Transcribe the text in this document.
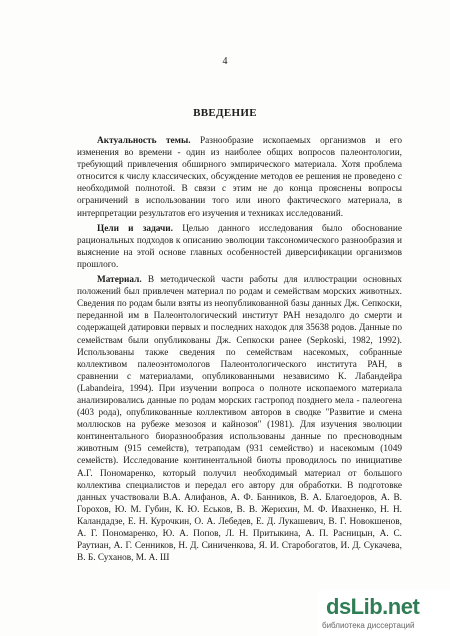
4
ВВЕДЕНИЕ

Актуальность темы. Разнообразие ископаемых организмов и его изменения во времени - один из наиболее общих вопросов палеонтологии, требующий привлечения обширного эмпирического материала. Хотя проблема относится к числу классических, обсуждение методов ее решения не проведено с необходимой полнотой. В связи с этим не до конца прояснены вопросы ограничений в использовании того или иного фактического материала, в интерпретации результатов его изучения и техниках исследований.

Цели и задачи. Целью данного исследования было обоснование рациональных подходов к описанию эволюции таксономического разнообразия и выяснение на этой основе главных особенностей диверсификации организмов прошлого.

Материал. В методической части работы для иллюстрации основных положений был привлечен материал по родам и семействам морских животных. Сведения по родам были взяты из неопубликованной базы данных Дж. Сепкоски, переданной им в Палеонтологический институт РАН незадолго до смерти и содержащей датировки первых и последних находок для 35638 родов. Данные по семействам были опубликованы Дж. Сепкоски ранее (Sepkoski, 1982, 1992). Использованы также сведения по семействам насекомых, собранные коллективом палеоэнтомологов Палеонтологического института РАН, в сравнении с материалами, опубликованными независимо К. Лабандейра (Labandeira, 1994). При изучении вопроса о полноте ископаемого материала анализировались данные по родам морских гастропод позднего мела - палеогена (403 рода), опубликованные коллективом авторов в сводке "Развитие и смена моллюсков на рубеже мезозоя и кайнозоя" (1981). Для изучения эволюции континентального биоразнообразия использованы данные по пресноводным животным (915 семейств), тетраподам (931 семейство) и насекомым (1049 семейств). Исследование континентальной биоты проводилось по инициативе А.Г. Пономаренко, который получил необходимый материал от большого коллектива специалистов и передал его автору для обработки. В подготовке данных участвовали В.А. Алифанов, А. Ф. Банников, В. А. Благоедоров, А. В. Горохов, Ю. М. Губин, К. Ю. Еськов, В. В. Жерихин, М. Ф. Ивахненко, Н. Н. Каландадзе, Е. Н. Курочкин, О. А. Лебедев, Е. Д. Лукашевич, В. Г. Новокшенов, А. Г. Пономаренко, Ю. А. Попов, Л. Н. Притыкина, А. П. Расницын, А. С. Раутиан, А. Г. Сенников, Н. Д. Синиченкова, Я. И. Старобогатов, И. Д. Сукачева, В. Б. Суханов, М. А. Ш

dsLib.net
библиотека диссертаций
